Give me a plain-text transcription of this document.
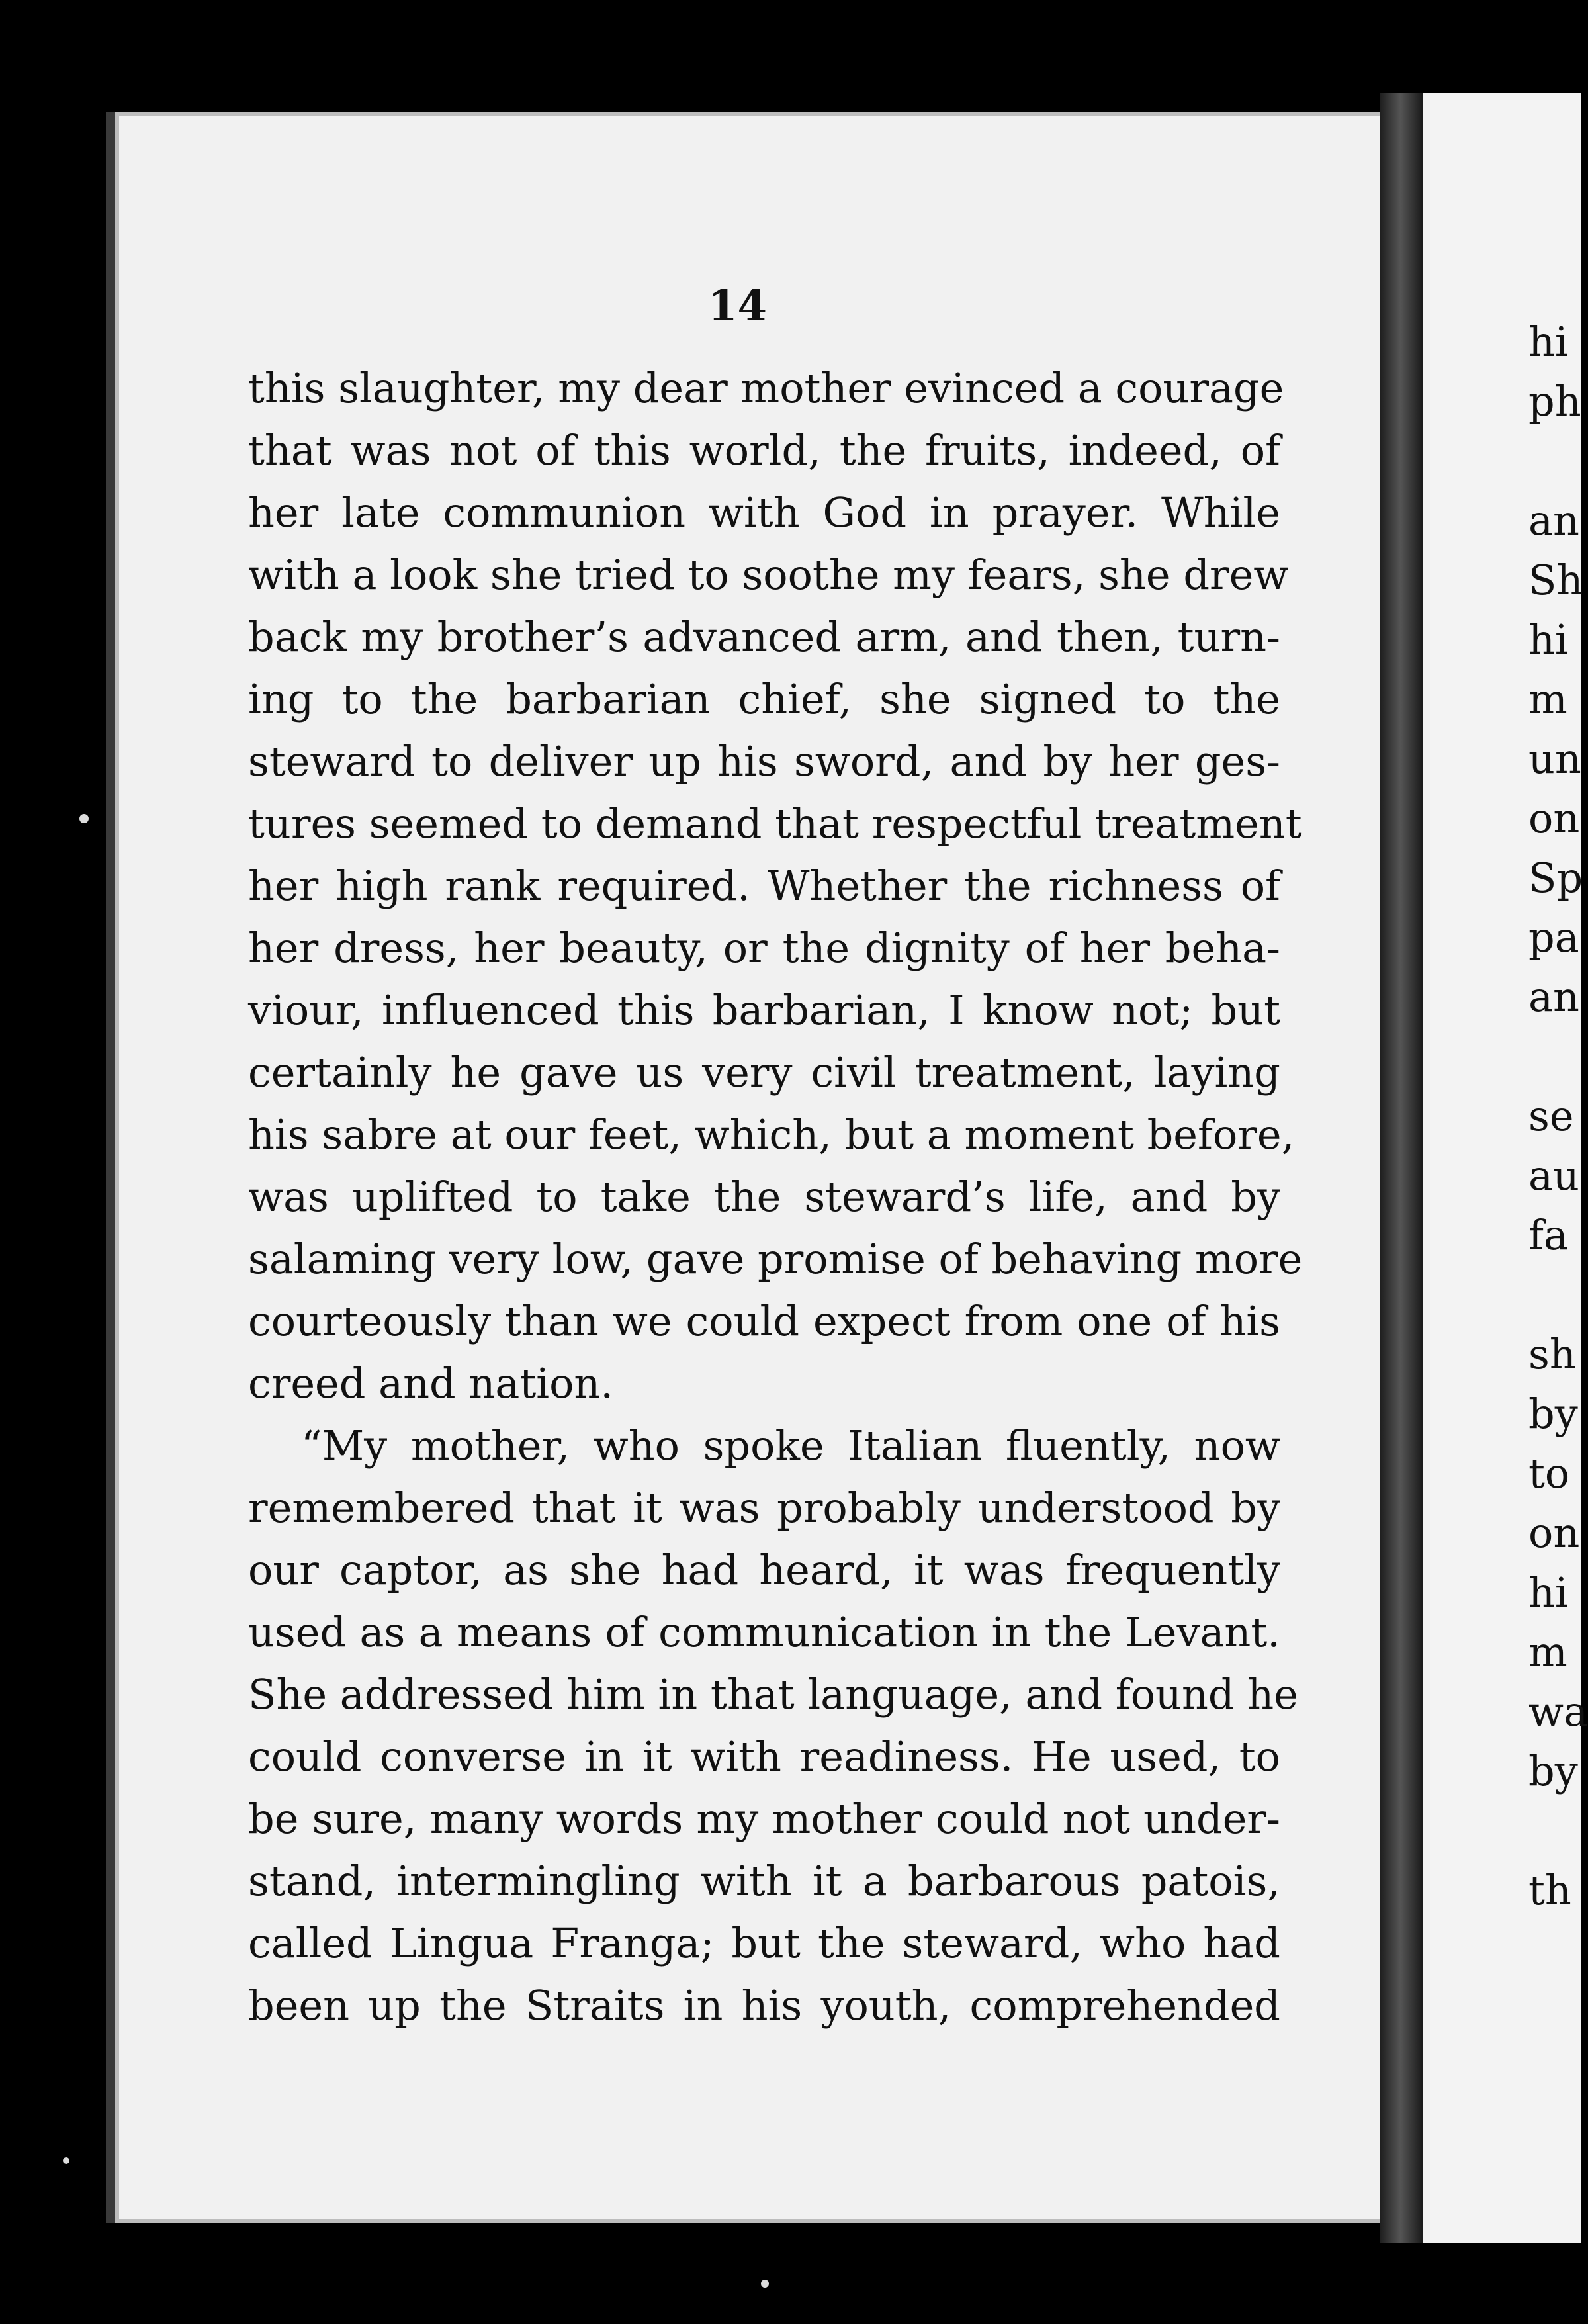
14
this slaughter, my dear mother evinced a courage
that was not of this world, the fruits, indeed, of
her late communion with God in prayer. While
with a look she tried to soothe my fears, she drew
back my brother’s advanced arm, and then, turn-
ing to the barbarian chief, she signed to the
steward to deliver up his sword, and by her ges-
tures seemed to demand that respectful treatment
her high rank required. Whether the richness of
her dress, her beauty, or the dignity of her beha-
viour, influenced this barbarian, I know not; but
certainly he gave us very civil treatment, laying
his sabre at our feet, which, but a moment before,
was uplifted to take the steward’s life, and by
salaming very low, gave promise of behaving more
courteously than we could expect from one of his
creed and nation.
“My mother, who spoke Italian fluently, now
remembered that it was probably understood by
our captor, as she had heard, it was frequently
used as a means of communication in the Levant.
She addressed him in that language, and found he
could converse in it with readiness. He used, to
be sure, many words my mother could not under-
stand, intermingling with it a barbarous patois,
called Lingua Franga; but the steward, who had
been up the Straits in his youth, comprehended
hi
ph
an
Sh
hi
m
un
on
Sp
pa
an
se
au
fa
sh
by
to
on
hi
m
wa
by
th
